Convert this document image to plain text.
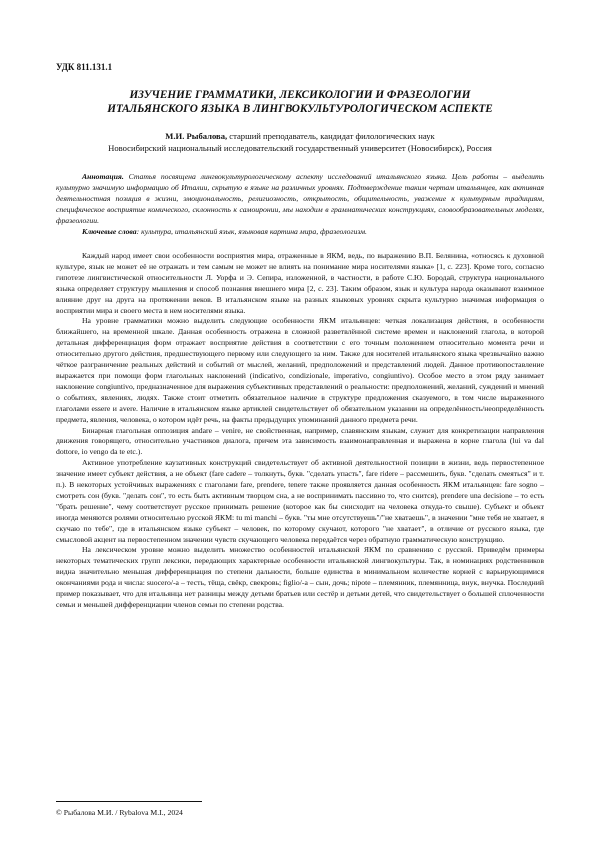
УДК 811.131.1

ИЗУЧЕНИЕ ГРАММАТИКИ, ЛЕКСИКОЛОГИИ И ФРАЗЕОЛОГИИ
ИТАЛЬЯНСКОГО ЯЗЫКА В ЛИНГВОКУЛЬТУРОЛОГИЧЕСКОМ АСПЕКТЕ

М.И. Рыбалова, старший преподаватель, кандидат филологических наук

Новосибирский национальный исследовательский государственный университет (Новосибирск), Россия

Аннотация. Статья посвящена лингвокультурологическому аспекту исследований итальянского языка. Цель работы – выделить культурно значимую информацию об Италии, скрытую в языке на различных уровнях. Подтверждение таким чертам итальянцев, как активная деятельностная позиция в жизни, эмоциональность, религиозность, открытость, общительность, уважение к культурным традициям, специфическое восприятие комического, склонность к самоиронии, мы находим в грамматических конструкциях, словообразовательных моделях, фразеологии.

Ключевые слова: культура, итальянский язык, языковая картина мира, фразеологизм.

Каждый народ имеет свои особенности восприятия мира, отраженные в ЯКМ, ведь, по выражению В.П. Белянина, «относясь к духовной культуре, язык не может её не отражать и тем самым не может не влиять на понимание мира носителями языка» [1, с. 223]. Кроме того, согласно гипотезе лингвистической относительности Л. Уорфа и Э. Сепира, изложенной, в частности, в работе С.Ю. Бородай, структура национального языка определяет структуру мышления и способ познания внешнего мира [2, с. 23]. Таким образом, язык и культура народа оказывают взаимное влияние друг на друга на протяжении веков. В итальянском языке на разных языковых уровнях скрыта культурно значимая информация о восприятии мира и своего места в нем носителями языка.

На уровне грамматики можно выделить следующие особенности ЯКМ итальянцев: четкая локализация действия, в особенности ближайшего, на временной шкале. Данная особенность отражена в сложной разветвлённой системе времен и наклонений глагола, в которой детальная дифференциация форм отражает восприятие действия в соответствии с его точным положением относительно момента речи и относительно другого действия, предшествующего первому или следующего за ним. Также для носителей итальянского языка чрезвычайно важно чёткое разграничение реальных действий и событий от мыслей, желаний, предположений и представлений людей. Данное противопоставление выражается при помощи форм глагольных наклонений (indicativo, condizionale, imperativo, congiuntivo). Особое место в этом ряду занимает наклонение congiuntivo, предназначенное для выражения субъективных представлений о реальности: предположений, желаний, суждений и мнений о событиях, явлениях, людях. Также стоит отметить обязательное наличие в структуре предложения сказуемого, в том числе выраженного глаголами essere и avere. Наличие в итальянском языке артиклей свидетельствует об обязательном указании на определённость/неопределённость предмета, явления, человека, о котором идёт речь, на факты предыдущих упоминаний данного предмета речи.

Бинарная глагольная оппозиция andare – venire, не свойственная, например, славянским языкам, служит для конкретизации направления движения говорящего, относительно участников диалога, причем эта зависимость взаимонаправленная и выражена в корне глагола (lui va dal dottore, io vengo da te etc.).

Активное употребление каузативных конструкций свидетельствует об активной деятельностной позиции в жизни, ведь первостепенное значение имеет субъект действия, а не объект (fare cadere – толкнуть, букв. "сделать упасть", fare ridere – рассмешить, букв. "сделать смеяться" и т. п.). В некоторых устойчивых выражениях с глаголами fare, prendere, tenere также проявляется данная особенность ЯКМ итальянцев: fare sogno – смотреть сон (букв. "делать сон", то есть быть активным творцом сна, а не воспринимать пассивно то, что снится), prendere una decisione – то есть "брать решение", чему соответствует русское принимать решение (которое как бы снисходит на человека откуда-то свыше). Субъект и объект иногда меняются ролями относительно русской ЯКМ: tu mi manchi – букв. "ты мне отсутствуешь"/"не хватаешь", в значении "мне тебя не хватает, я скучаю по тебе", где в итальянском языке субъект – человек, по которому скучают, которого "не хватает", в отличие от русского языка, где смысловой акцент на первостепенном значении чувств скучающего человека передаётся через обратную грамматическую конструкцию.

На лексическом уровне можно выделить множество особенностей итальянской ЯКМ по сравнению с русской. Приведём примеры некоторых тематических групп лексики, передающих характерные особенности итальянской лингвокультуры. Так, в номинациях родственников видна значительно меньшая дифференциация по степени дальности, больше единства в минимальном количестве корней с варьирующимися окончаниями рода и числа: suocero/-a – тесть, тёща, свёкр, свекровь; figlio/-a – сын, дочь; nipote – племянник, племянница, внук, внучка. Последний пример показывает, что для итальянца нет разницы между детьми братьев или сестёр и детьми детей, что свидетельствует о большей сплоченности семьи и меньшей дифференциации членов семьи по степени родства.

© Рыбалова М.И. / Rybalova M.I., 2024
